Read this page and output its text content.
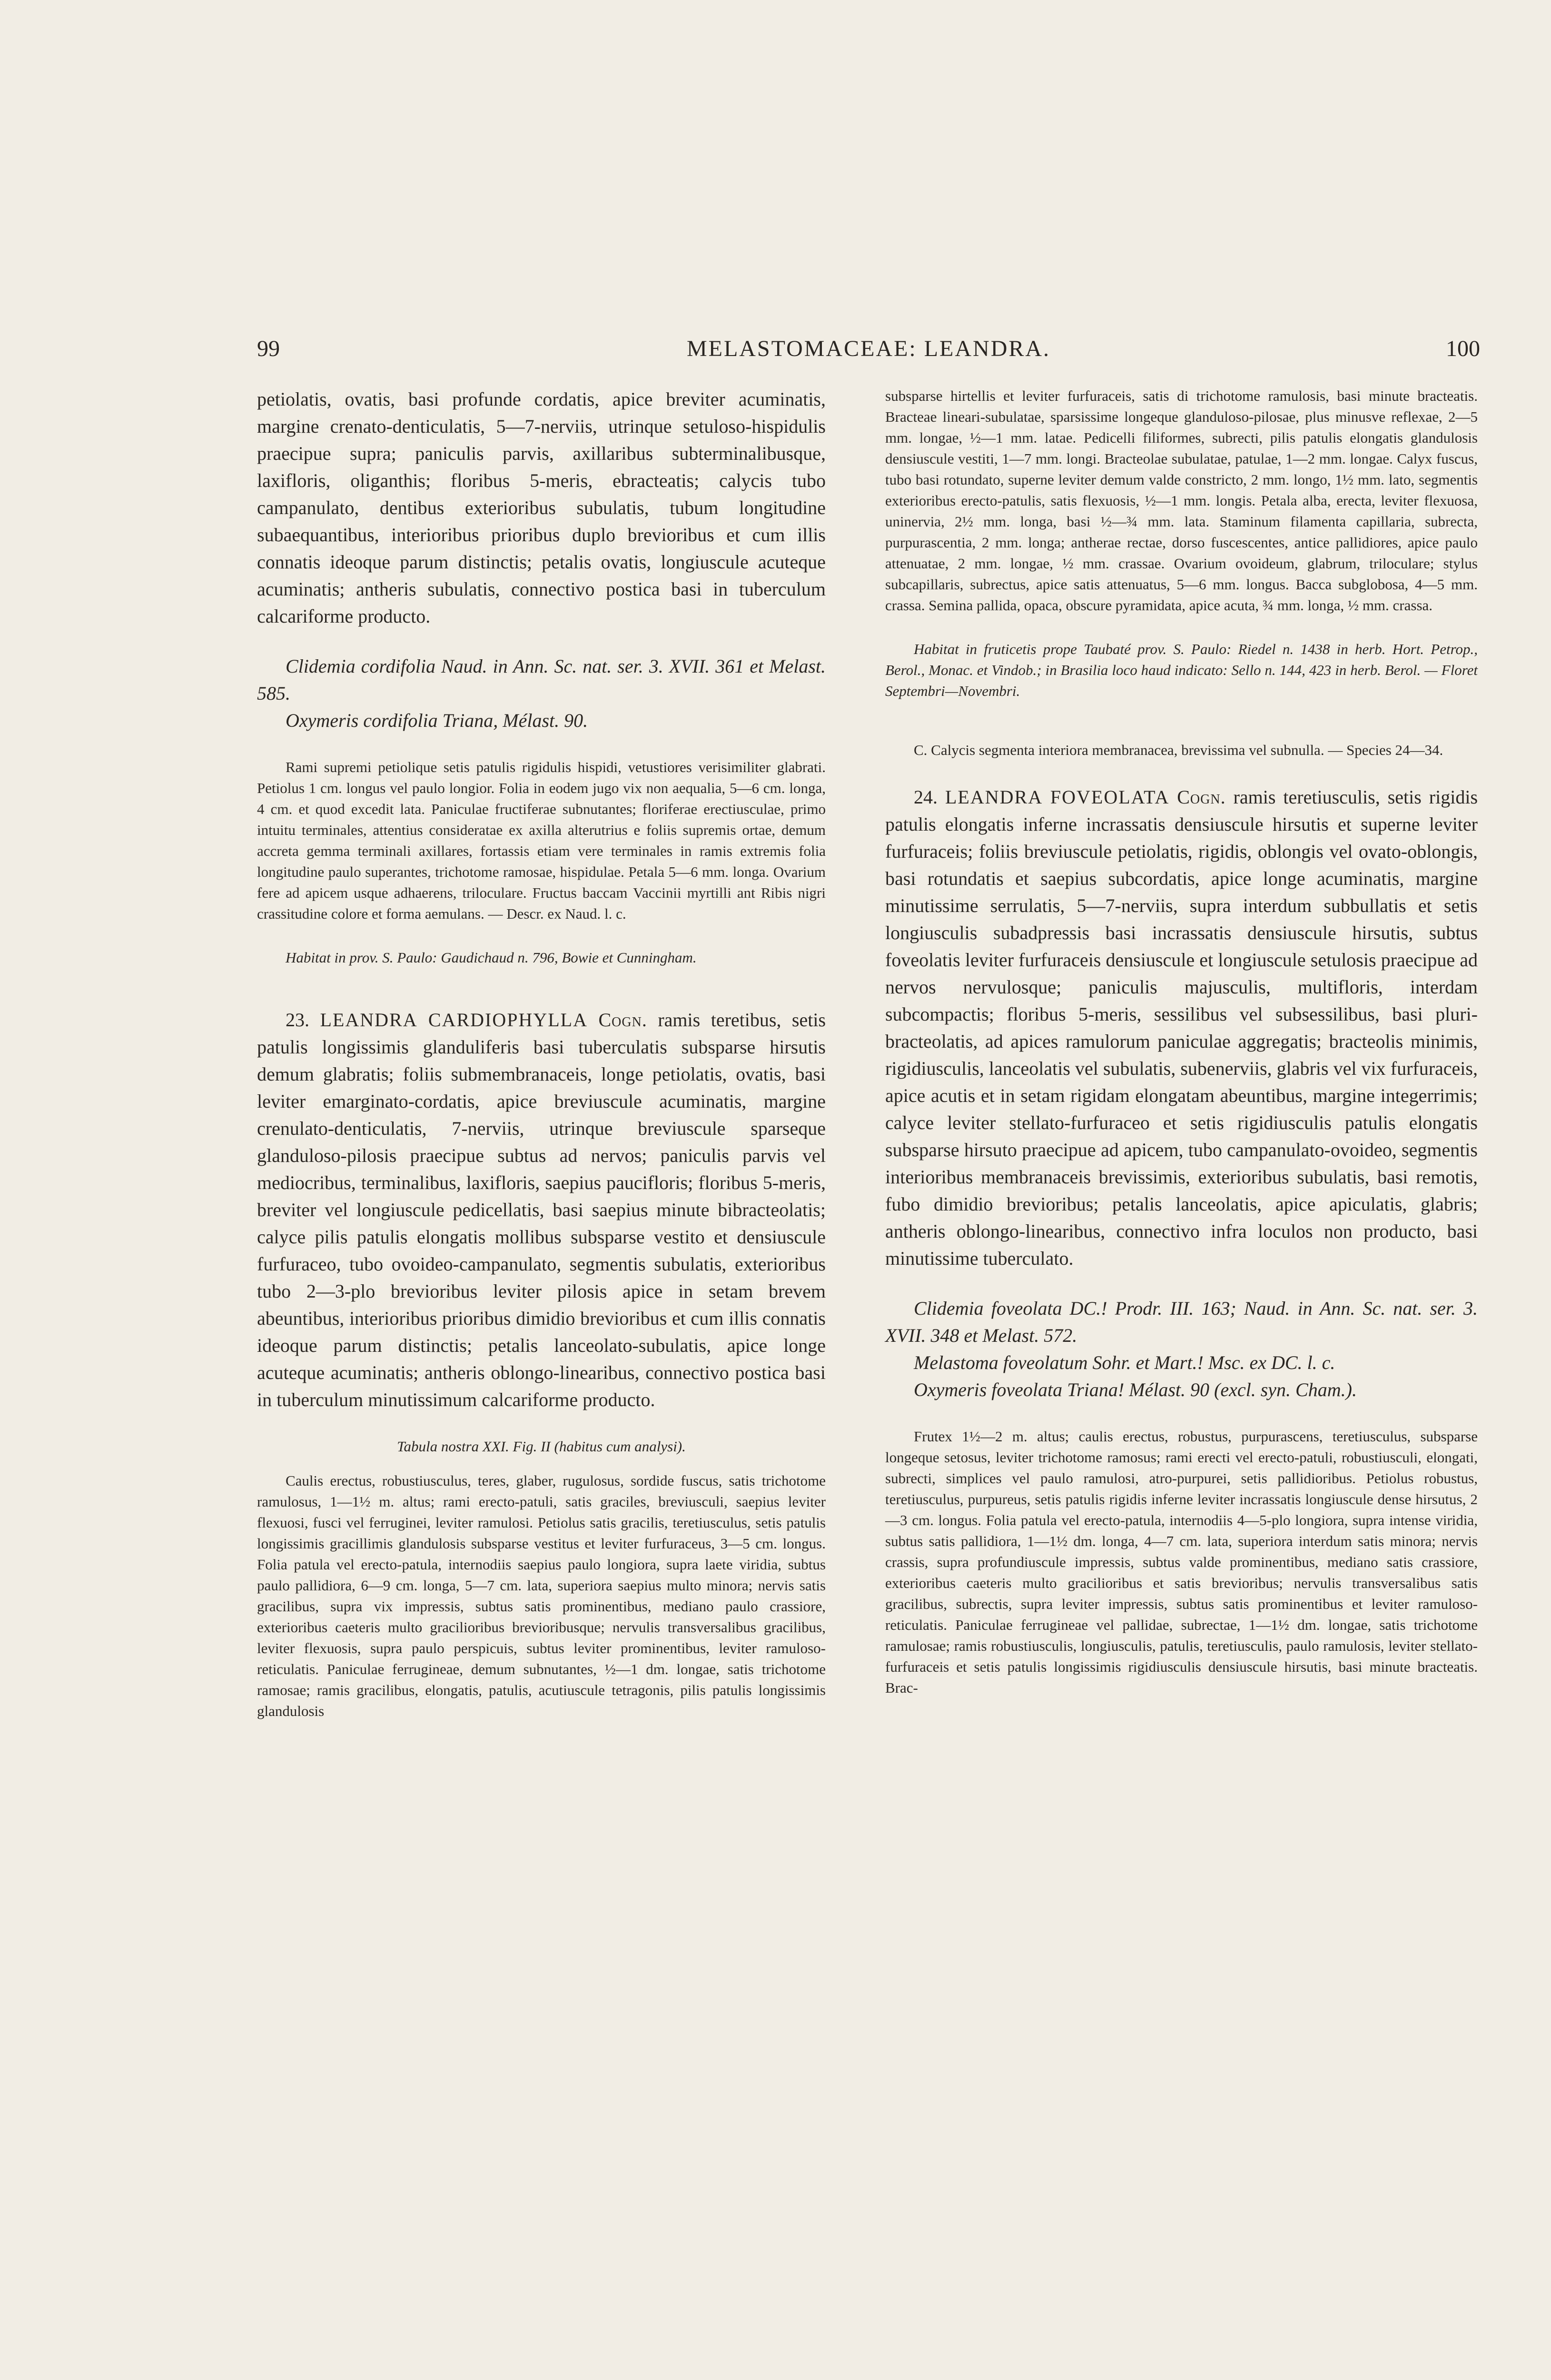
99	MELASTOMACEAE: LEANDRA.	100

petiolatis, ovatis, basi profunde cordatis, apice breviter acuminatis, margine crenato-denticulatis, 5—7-nerviis, utrinque setuloso-hispidulis praecipue supra; paniculis parvis, axillaribus subterminalibusque, laxifloris, oliganthis; floribus 5-meris, ebracteatis; calycis tubo campanulato, dentibus exterioribus subulatis, tubum longitudine subaequantibus, interioribus prioribus duplo brevioribus et cum illis connatis ideoque parum distinctis; petalis ovatis, longiuscule acuteque acuminatis; antheris subulatis, connectivo postica basi in tuberculum calcariforme producto.

Clidemia cordifolia Naud. in Ann. Sc. nat. ser. 3. XVII. 361 et Melast. 585.

Oxymeris cordifolia Triana, Mélast. 90.

Rami supremi petiolique setis patulis rigidulis hispidi, vetustiores verisimiliter glabrati. Petiolus 1 cm. longus vel paulo longior. Folia in eodem jugo vix non aequalia, 5—6 cm. longa, 4 cm. et quod excedit lata. Paniculae fructiferae subnutantes; floriferae erectiusculae, primo intuitu terminales, attentius consideratae ex axilla alterutrius e foliis supremis ortae, demum accreta gemma terminali axillares, fortassis etiam vere terminales in ramis extremis folia longitudine paulo superantes, trichotome ramosae, hispidulae. Petala 5—6 mm. longa. Ovarium fere ad apicem usque adhaerens, triloculare. Fructus baccam Vaccinii myrtilli ant Ribis nigri crassitudine colore et forma aemulans. — Descr. ex Naud. l. c.

Habitat in prov. S. Paulo: Gaudichaud n. 796, Bowie et Cunningham.

23. LEANDRA CARDIOPHYLLA Cogn. ramis teretibus, setis patulis longissimis glanduliferis basi tuberculatis subsparse hirsutis demum glabratis; foliis submembranaceis, longe petiolatis, ovatis, basi leviter emarginato-cordatis, apice breviuscule acuminatis, margine crenulato-denticulatis, 7-nerviis, utrinque breviuscule sparseque glanduloso-pilosis praecipue subtus ad nervos; paniculis parvis vel mediocribus, terminalibus, laxifloris, saepius paucifloris; floribus 5-meris, breviter vel longiuscule pedicellatis, basi saepius minute bibracteolatis; calyce pilis patulis elongatis mollibus subsparse vestito et densiuscule furfuraceo, tubo ovoideo-campanulato, segmentis subulatis, exterioribus tubo 2—3-plo brevioribus leviter pilosis apice in setam brevem abeuntibus, interioribus prioribus dimidio brevioribus et cum illis connatis ideoque parum distinctis; petalis lanceolato-subulatis, apice longe acuteque acuminatis; antheris oblongo-linearibus, connectivo postica basi in tuberculum minutissimum calcariforme producto.

Tabula nostra XXI. Fig. II (habitus cum analysi).

Caulis erectus, robustiusculus, teres, glaber, rugulosus, sordide fuscus, satis trichotome ramulosus, 1—1½ m. altus; rami erecto-patuli, satis graciles, breviusculi, saepius leviter flexuosi, fusci vel ferruginei, leviter ramulosi. Petiolus satis gracilis, teretiusculus, setis patulis longissimis gracillimis glandulosis subsparse vestitus et leviter furfuraceus, 3—5 cm. longus. Folia patula vel erecto-patula, internodiis saepius paulo longiora, supra laete viridia, subtus paulo pallidiora, 6—9 cm. longa, 5—7 cm. lata, superiora saepius multo minora; nervis satis gracilibus, supra vix impressis, subtus satis prominentibus, mediano paulo crassiore, exterioribus caeteris multo gracilioribus brevioribusque; nervulis transversalibus gracilibus, leviter flexuosis, supra paulo perspicuis, subtus leviter prominentibus, leviter ramuloso-reticulatis. Paniculae ferrugineae, demum subnutantes, ½—1 dm. longae, satis trichotome ramosae; ramis gracilibus, elongatis, patulis, acutiuscule tetragonis, pilis patulis longissimis glandulosis

subsparse hirtellis et leviter furfuraceis, satis di trichotome ramulosis, basi minute bracteatis. Bracteae lineari-subulatae, sparsissime longeque glanduloso-pilosae, plus minusve reflexae, 2—5 mm. longae, ½—1 mm. latae. Pedicelli filiformes, subrecti, pilis patulis elongatis glandulosis densiuscule vestiti, 1—7 mm. longi. Bracteolae subulatae, patulae, 1—2 mm. longae. Calyx fuscus, tubo basi rotundato, superne leviter demum valde constricto, 2 mm. longo, 1½ mm. lato, segmentis exterioribus erecto-patulis, satis flexuosis, ½—1 mm. longis. Petala alba, erecta, leviter flexuosa, uninervia, 2½ mm. longa, basi ½—¾ mm. lata. Staminum filamenta capillaria, subrecta, purpurascentia, 2 mm. longa; antherae rectae, dorso fuscescentes, antice pallidiores, apice paulo attenuatae, 2 mm. longae, ½ mm. crassae. Ovarium ovoideum, glabrum, triloculare; stylus subcapillaris, subrectus, apice satis attenuatus, 5—6 mm. longus. Bacca subglobosa, 4—5 mm. crassa. Semina pallida, opaca, obscure pyramidata, apice acuta, ¾ mm. longa, ½ mm. crassa.

Habitat in fruticetis prope Taubaté prov. S. Paulo: Riedel n. 1438 in herb. Hort. Petrop., Berol., Monac. et Vindob.; in Brasilia loco haud indicato: Sello n. 144, 423 in herb. Berol. — Floret Septembri—Novembri.

C. Calycis segmenta interiora membranacea, brevissima vel subnulla. — Species 24—34.

24. LEANDRA FOVEOLATA Cogn. ramis teretiusculis, setis rigidis patulis elongatis inferne incrassatis densiuscule hirsutis et superne leviter furfuraceis; foliis breviuscule petiolatis, rigidis, oblongis vel ovato-oblongis, basi rotundatis et saepius subcordatis, apice longe acuminatis, margine minutissime serrulatis, 5—7-nerviis, supra interdum subbullatis et setis longiusculis subadpressis basi incrassatis densiuscule hirsutis, subtus foveolatis leviter furfuraceis densiuscule et longiuscule setulosis praecipue ad nervos nervulosque; paniculis majusculis, multifloris, interdam subcompactis; floribus 5-meris, sessilibus vel subsessilibus, basi pluri-bracteolatis, ad apices ramulorum paniculae aggregatis; bracteolis minimis, rigidiusculis, lanceolatis vel subulatis, subenerviis, glabris vel vix furfuraceis, apice acutis et in setam rigidam elongatam abeuntibus, margine integerrimis; calyce leviter stellato-furfuraceo et setis rigidiusculis patulis elongatis subsparse hirsuto praecipue ad apicem, tubo campanulato-ovoideo, segmentis interioribus membranaceis brevissimis, exterioribus subulatis, basi remotis, fubo dimidio brevioribus; petalis lanceolatis, apice apiculatis, glabris; antheris oblongo-linearibus, connectivo infra loculos non producto, basi minutissime tuberculato.

Clidemia foveolata DC.! Prodr. III. 163; Naud. in Ann. Sc. nat. ser. 3. XVII. 348 et Melast. 572.

Melastoma foveolatum Sohr. et Mart.! Msc. ex DC. l. c.

Oxymeris foveolata Triana! Mélast. 90 (excl. syn. Cham.).

Frutex 1½—2 m. altus; caulis erectus, robustus, purpurascens, teretiusculus, subsparse longeque setosus, leviter trichotome ramosus; rami erecti vel erecto-patuli, robustiusculi, elongati, subrecti, simplices vel paulo ramulosi, atro-purpurei, setis pallidioribus. Petiolus robustus, teretiusculus, purpureus, setis patulis rigidis inferne leviter incrassatis longiuscule dense hirsutus, 2—3 cm. longus. Folia patula vel erecto-patula, internodiis 4—5-plo longiora, supra intense viridia, subtus satis pallidiora, 1—1½ dm. longa, 4—7 cm. lata, superiora interdum satis minora; nervis crassis, supra profundiuscule impressis, subtus valde prominentibus, mediano satis crassiore, exterioribus caeteris multo gracilioribus et satis brevioribus; nervulis transversalibus satis gracilibus, subrectis, supra leviter impressis, subtus satis prominentibus et leviter ramuloso-reticulatis. Paniculae ferrugineae vel pallidae, subrectae, 1—1½ dm. longae, satis trichotome ramulosae; ramis robustiusculis, longiusculis, patulis, teretiusculis, paulo ramulosis, leviter stellato-furfuraceis et setis patulis longissimis rigidiusculis densiuscule hirsutis, basi minute bracteatis. Brac-
